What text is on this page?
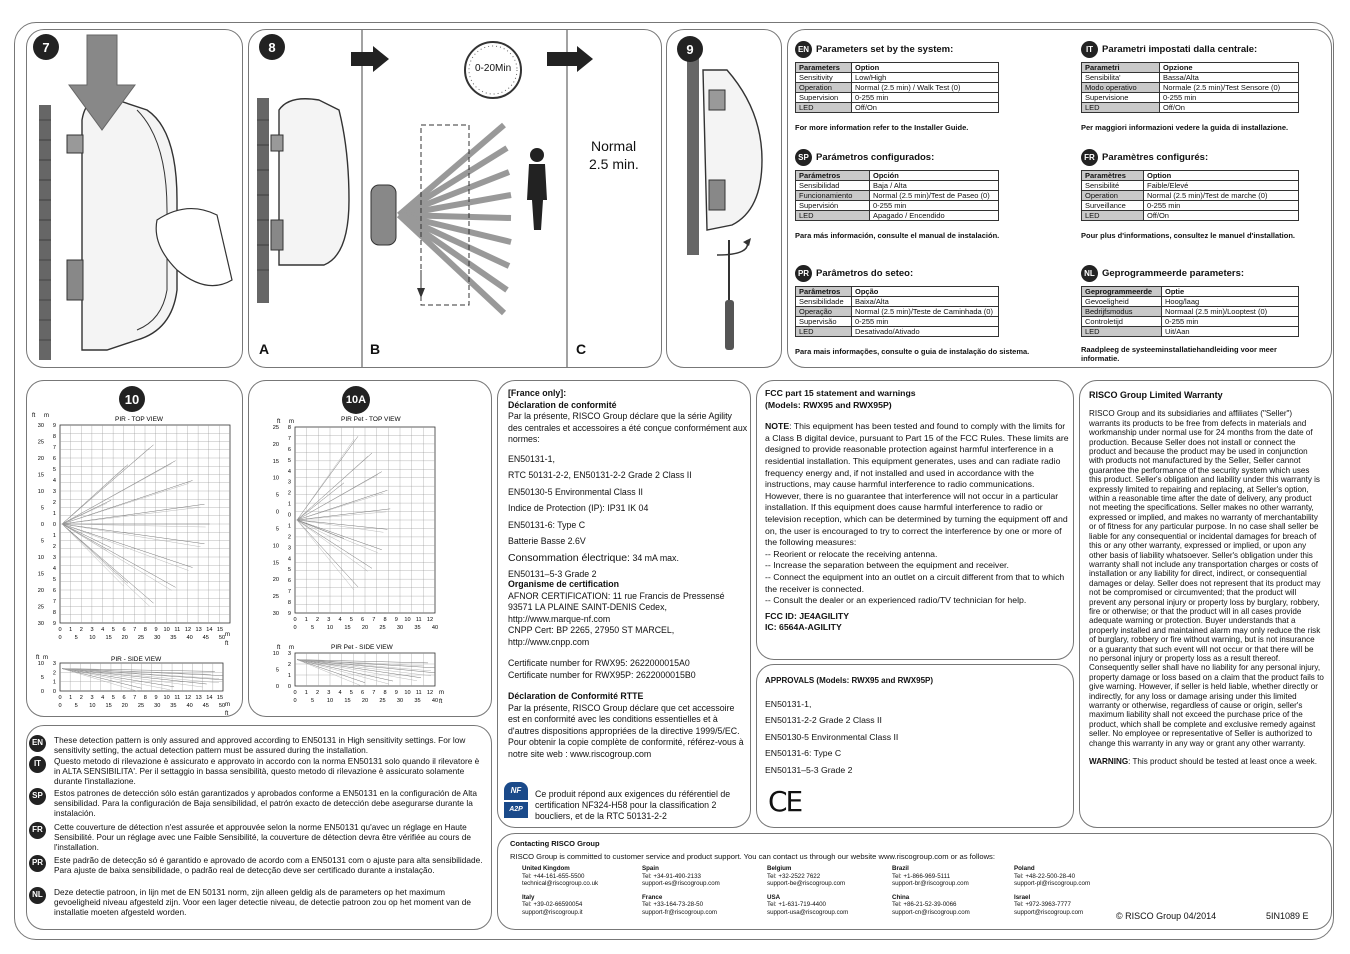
7	8
0-20Min
Normal
2.5 min.
A	B	C
9	EN Parameters set by the system:
Parameters	Option
Sensitivity	Low/High
Operation	Normal (2.5 min) / Walk Test (0)
Supervision	0-255 min
LED	Off/On
For more information refer to the Installer Guide.
IT Parametri impostati dalla centrale:
Parametri	Opzione
Sensibilita'	Bassa/Alta
Modo operativo	Normale (2.5 min)/Test Sensore (0)
Supervisione	0-255 min
LED	Off/On
Per maggiori informazioni vedere la guida di installazione.
SP Parámetros configurados:
Parámetros	Opción
Sensibilidad	Baja / Alta
Funcionamiento	Normal (2.5 min)/Test de Paseo (0)
Supervisión	0-255 min
LED	Apagado / Encendido
Para más información, consulte el manual de instalación.
FR Paramètres configurés:
Paramètres	Option
Sensibilité	Faible/Elevé
Operation	Normal (2.5 min)/Test de marche (0)
Surveillance	0-255 min
LED	Off/On
Pour plus d'informations, consultez le manuel d'installation.
PR Parâmetros do seteo:
Parâmetros	Opção
Sensibilidade	Baixa/Alta
Operação	Normal (2.5 min)/Teste de Caminhada (0)
Supervisão	0-255 min
LED	Desativado/Ativado
Para mais informações, consulte o guia de instalação do sistema.
NL Geprogrammeerde parameters:
Geprogrammeerde	Optie
Gevoeligheid	Hoog/laag
Bedrijfsmodus	Normaal (2.5 min)/Looptest (0)
Controletijd	0-255 min
LED	Uit/Aan
Raadpleeg de systeeminstallatiehandleiding voor meer informatie.
10
30
25
20
15
10
5
0
5
10
15
20
25
30
9
8
7
6
5
4
3
2
1
0
1
2
3
4
5
6
7
8
9
0 1 2 3 4 5 6 7 8 9 10 11 12 13 14 15
0 5 10 15 20 25 30 35 40 45 50
10
5
0
3
2
1
0
0 1 2 3 4 5 6 7 8 9 10 11 12 13 14 15
0 5 10 15 20 25 30 35 40 45 50
PIR - TOP VIEW
PIR - SIDE VIEW
ft m
m
ft
ft m
m
ft
10A
25
20
15
10
5
0
5
10
15
20
25
30
8
7
6
5
4
3
2
1
0
1
2
3
4
5
6
7
8
9
0 1 2 3 4 5 6 7 8 9 10 11 12
0	5 10 15 20 25 30 35 40
10
5
0
3
2
1
0
0 1 2 3 4 5 6 7 8 9 10 11 12
0	5 10 15 20 25 30 35 40
PIR Pet - TOP VIEW
PIR Pet - SIDE VIEW
ft m
ft m
m
ft
[France only]:
Déclaration de conformité
Par la présente, RISCO Group déclare que la série Agility des centrales et accessoires a été conçue conformément aux normes:
EN50131-1,
RTC 50131-2-2, EN50131-2-2 Grade 2 Class II
EN50130-5 Environmental Class II
Indice de Protection (IP): IP31 IK 04
EN50131-6: Type C
Batterie Basse 2.6V
Consommation électrique: 34 mA max.
EN50131–5-3 Grade 2
Organisme de certification
AFNOR CERTIFICATION: 11 rue Francis de Pressensé
93571 LA PLAINE SAINT-DENIS Cedex,
http://www.marque-nf.com
CNPP Cert: BP 2265, 27950 ST MARCEL,
http://www.cnpp.com
Certificate number for RWX95: 2622000015A0
Certificate number for RWX95P: 2622000015B0
Déclaration de Conformité RTTE
Par la présente, RISCO Group déclare que cet accessoire est en conformité avec les conditions essentielles et à d'autres dispositions appropriées de la directive 1999/5/EC. Pour obtenir la copie complète de conformité, référez-vous à notre site web : www.riscogroup.com
NF
A2P
Ce produit répond aux exigences du référentiel de certification NF324-H58 pour la classification 2 boucliers, et de la RTC 50131-2-2
FCC part 15 statement and warnings
(Models: RWX95 and RWX95P)
NOTE: This equipment has been tested and found to comply with the limits for a Class B digital device, pursuant to Part 15 of the FCC Rules. These limits are designed to provide reasonable protection against harmful interference in a residential installation. This equipment generates, uses and can radiate radio frequency energy and, if not installed and used in accordance with the instructions, may cause harmful interference to radio communications. However, there is no guarantee that interference will not occur in a particular installation. If this equipment does cause harmful interference to radio or television reception, which can be determined by turning the equipment off and on, the user is encouraged to try to correct the interference by one or more of the following measures:
-- Reorient or relocate the receiving antenna.
-- Increase the separation between the equipment and receiver.
-- Connect the equipment into an outlet on a circuit different from that to which the receiver is connected.
-- Consult the dealer or an experienced radio/TV technician for help.
FCC ID: JE4AGILITY
IC: 6564A-AGILITY
APPROVALS (Models: RWX95 and RWX95P)
EN50131-1,
EN50131-2-2 Grade 2 Class II
EN50130-5 Environmental Class II
EN50131-6: Type C
EN50131–5-3 Grade 2
CE
RISCO Group Limited Warranty
RISCO Group and its subsidiaries and affiliates ("Seller") warrants its products to be free from defects in materials and workmanship under normal use for 24 months from the date of production. Because Seller does not install or connect the product and because the product may be used in conjunction with products not manufactured by the Seller, Seller cannot guarantee the performance of the security system which uses this product. Seller's obligation and liability under this warranty is expressly limited to repairing and replacing, at Seller's option, within a reasonable time after the date of delivery, any product not meeting the specifications. Seller makes no other warranty, expressed or implied, and makes no warranty of merchantability or of fitness for any particular purpose. In no case shall seller be liable for any consequential or incidental damages for breach of this or any other warranty, expressed or implied, or upon any other basis of liability whatsoever. Seller's obligation under this warranty shall not include any transportation charges or costs of installation or any liability for direct, indirect, or consequential damages or delay. Seller does not represent that its product may not be compromised or circumvented; that the product will prevent any personal injury or property loss by burglary, robbery, fire or otherwise; or that the product will in all cases provide adequate warning or protection. Buyer understands that a properly installed and maintained alarm may only reduce the risk of burglary, robbery or fire without warning, but is not insurance or a guaranty that such event will not occur or that there will be no personal injury or property loss as a result thereof. Consequently seller shall have no liability for any personal injury, property damage or loss based on a claim that the product fails to give warning. However, if seller is held liable, whether directly or indirectly, for any loss or damage arising under this limited warranty or otherwise, regardless of cause or origin, seller's maximum liability shall not exceed the purchase price of the product, which shall be complete and exclusive remedy against seller. No employee or representative of Seller is authorized to change this warranty in any way or grant any other warranty.
WARNING: This product should be tested at least once a week.
EN	These detection pattern is only assured and approved according to EN50131 in High sensitivity settings. For low sensitivity setting, the actual detection pattern must be assured during the installation.
IT	Questo metodo di rilevazione è assicurato e approvato in accordo con la norma EN50131 solo quando il rilevatore è in ALTA SENSIBILITA'. Per il settaggio in bassa sensibilità, questo metodo di rilevazione è assicurato solamente durante l'installazione.
SP	Estos patrones de detección sólo están garantizados y aprobados conforme a EN50131 en la configuración de Alta sensibilidad. Para la configuración de Baja sensibilidad, el patrón exacto de detección debe asegurarse durante la instalación.
FR	Cette couverture de détection n'est assurée et approuvée selon la norme EN50131 qu'avec un réglage en Haute Sensibilité. Pour un réglage avec une Faible Sensibilité, la couverture de détection devra être vérifiée au cours de l'installation.
PR	Este padrão de detecção só é garantido e aprovado de acordo com a EN50131 com o ajuste para alta sensibilidade. Para ajuste de baixa sensibilidade, o padrão real de detecção deve ser certificado durante a instalação.
NL	Deze detectie patroon, in lijn met de EN 50131 norm, zijn alleen geldig als de parameters op het maximum gevoeligheid niveau afgesteld zijn. Voor een lager detectie niveau, de detectie patroon zou op het moment van de installatie moeten afgesteld worden.
Contacting RISCO Group
RISCO Group is committed to customer service and product support. You can contact us through our website www.riscogroup.com or as follows:
United Kingdom
Tel: +44-161-655-5500
technical@riscogroup.co.uk
Spain
Tel: +34-91-490-2133
support-es@riscogroup.com
Belgium
Tel: +32-2522 7622
support-be@riscogroup.com
Brazil
Tel: +1-866-969-5111
support-br@riscogroup.com
Poland
Tel: +48-22-500-28-40
support-pl@riscogroup.com
Italy
Tel: +39-02-66590054
support@riscogroup.it
France
Tel: +33-164-73-28-50
support-fr@riscogroup.com
USA
Tel: +1-631-719-4400
support-usa@riscogroup.com
China
Tel: +86-21-52-39-0066
support-cn@riscogroup.com
Israel
Tel: +972-3963-7777
support@riscogroup.com	© RISCO Group 04/2014	5IN1089 E
